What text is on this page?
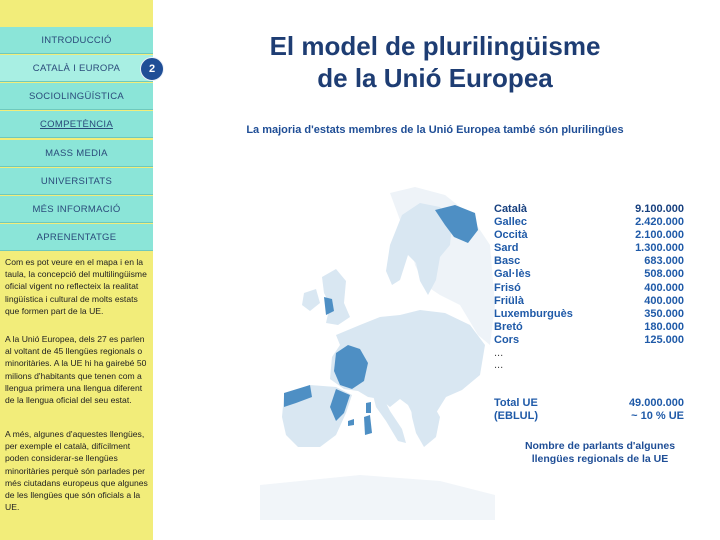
INTRODUCCIÓ
CATALÀ I EUROPA
SOCIOLINGÜÍSTICA
COMPETÈNCIA
MASS MEDIA
UNIVERSITATS
MÉS INFORMACIÓ
APRENENTATGE

Com es pot veure en el mapa i en la taula, la concepció del multilingüisme oficial vigent no reflecteix la realitat lingüística i cultural de molts estats que formen part de la UE.

A la Unió Europea, dels 27 es parlen al voltant de 45 llengües regionals o minoritàries. A la UE hi ha gairebé 50 milions d'habitants que tenen com a llengua primera una llengua diferent de la llengua oficial del seu estat.

A més, algunes d'aquestes llengües, per exemple el català, difícilment poden considerar-se llengües minoritàries perquè són parlades per més ciutadans europeus que algunes de les llengües que són oficials a la UE.

2
El model de plurilingüisme
de la Unió Europea
La majoria d'estats membres de la Unió Europea també són plurilingües
Català	9.100.000
Gallec	2.420.000
Occità	2.100.000
Sard	1.300.000
Basc	683.000
Gal·lès	508.000
Frisó	400.000
Friülà	400.000
Luxemburguès	350.000
Bretó	180.000
Cors	125.000
...
...
Total UE	49.000.000
(EBLUL)	~ 10 % UE
Nombre de parlants d'algunes
llengües regionals de la UE
